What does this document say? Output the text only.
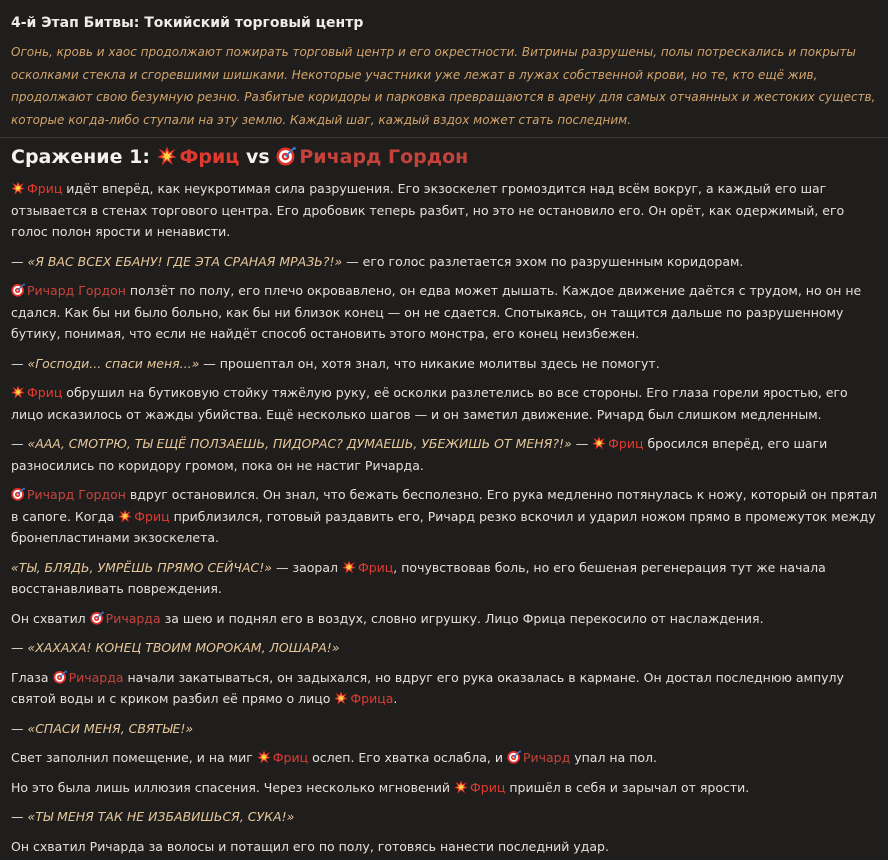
4-й Этап Битвы: Токийский торговый центр

Огонь, кровь и хаос продолжают пожирать торговый центр и его окрестности. Витрины разрушены, полы потрескались и покрыты осколками стекла и сгоревшими шишками. Некоторые участники уже лежат в лужах собственной крови, но те, кто ещё жив, продолжают свою безумную резню. Разбитые коридоры и парковка превращаются в арену для самых отчаянных и жестоких существ, которые когда-либо ступали на эту землю. Каждый шаг, каждый вздох может стать последним.

Сражение 1: Фриц vs Ричард Гордон

Фриц идёт вперёд, как неукротимая сила разрушения. Его экзоскелет громоздится над всём вокруг, а каждый его шаг отзывается в стенах торгового центра. Его дробовик теперь разбит, но это не остановило его. Он орёт, как одержимый, его голос полон ярости и ненависти.

— «Я ВАС ВСЕХ ЕБАНУ! ГДЕ ЭТА СРАНАЯ МРАЗЬ?!» — его голос разлетается эхом по разрушенным коридорам.

Ричард Гордон ползёт по полу, его плечо окровавлено, он едва может дышать. Каждое движение даётся с трудом, но он не сдался. Как бы ни было больно, как бы ни близок конец — он не сдается. Спотыкаясь, он тащится дальше по разрушенному бутику, понимая, что если не найдёт способ остановить этого монстра, его конец неизбежен.

— «Господи... спаси меня...» — прошептал он, хотя знал, что никакие молитвы здесь не помогут.

Фриц обрушил на бутиковую стойку тяжёлую руку, её осколки разлетелись во все стороны. Его глаза горели яростью, его лицо исказилось от жажды убийства. Ещё несколько шагов — и он заметил движение. Ричард был слишком медленным.

— «ААА, СМОТРЮ, ТЫ ЕЩЁ ПОЛЗАЕШЬ, ПИДОРАС? ДУМАЕШЬ, УБЕЖИШЬ ОТ МЕНЯ?!» — Фриц бросился вперёд, его шаги разносились по коридору громом, пока он не настиг Ричарда.

Ричард Гордон вдруг остановился. Он знал, что бежать бесполезно. Его рука медленно потянулась к ножу, который он прятал в сапоге. Когда Фриц приблизился, готовый раздавить его, Ричард резко вскочил и ударил ножом прямо в промежуток между бронепластинами экзоскелета.

«ТЫ, БЛЯДЬ, УМРЁШЬ ПРЯМО СЕЙЧАС!» — заорал Фриц, почувствовав боль, но его бешеная регенерация тут же начала восстанавливать повреждения.

Он схватил Ричарда за шею и поднял его в воздух, словно игрушку. Лицо Фрица перекосило от наслаждения.

— «ХАХАХА! КОНЕЦ ТВОИМ МОРОКАМ, ЛОШАРА!»

Глаза Ричарда начали закатываться, он задыхался, но вдруг его рука оказалась в кармане. Он достал последнюю ампулу святой воды и с криком разбил её прямо о лицо Фрица.

— «СПАСИ МЕНЯ, СВЯТЫЕ!»

Свет заполнил помещение, и на миг Фриц ослеп. Его хватка ослабла, и Ричард упал на пол.

Но это была лишь иллюзия спасения. Через несколько мгновений Фриц пришёл в себя и зарычал от ярости.

— «ТЫ МЕНЯ ТАК НЕ ИЗБАВИШЬСЯ, СУКА!»

Он схватил Ричарда за волосы и потащил его по полу, готовясь нанести последний удар.
